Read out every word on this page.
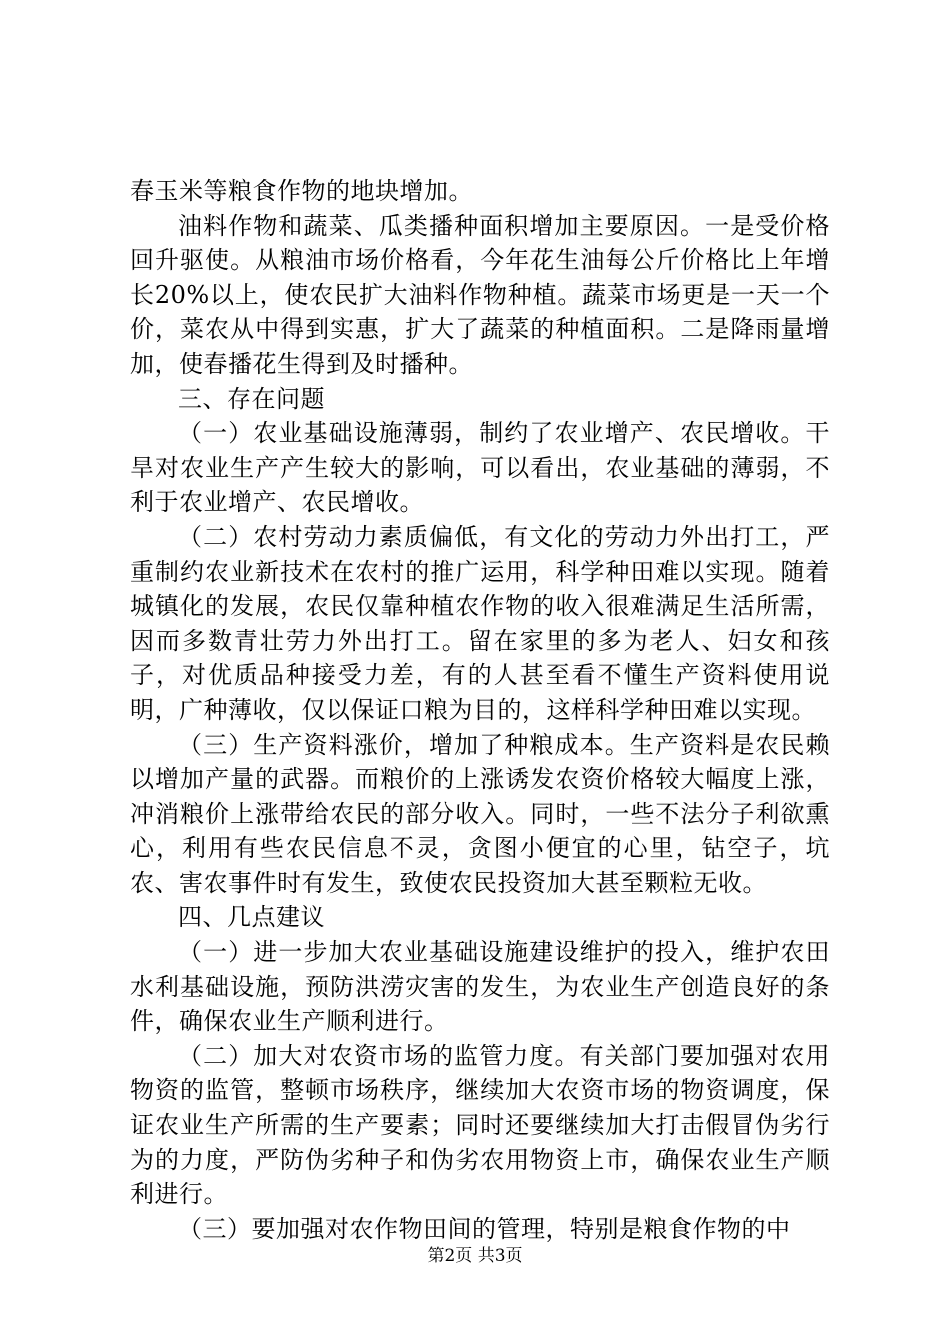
春玉米等粮食作物的地块增加。

油料作物和蔬菜、瓜类播种面积增加主要原因。一是受价格回升驱使。从粮油市场价格看，今年花生油每公斤价格比上年增长20%以上，使农民扩大油料作物种植。蔬菜市场更是一天一个价，菜农从中得到实惠，扩大了蔬菜的种植面积。二是降雨量增加，使春播花生得到及时播种。

三、存在问题

（一）农业基础设施薄弱，制约了农业增产、农民增收。干旱对农业生产产生较大的影响，可以看出，农业基础的薄弱，不利于农业增产、农民增收。

（二）农村劳动力素质偏低，有文化的劳动力外出打工，严重制约农业新技术在农村的推广运用，科学种田难以实现。随着城镇化的发展，农民仅靠种植农作物的收入很难满足生活所需，因而多数青壮劳力外出打工。留在家里的多为老人、妇女和孩子，对优质品种接受力差，有的人甚至看不懂生产资料使用说明，广种薄收，仅以保证口粮为目的，这样科学种田难以实现。

（三）生产资料涨价，增加了种粮成本。生产资料是农民赖以增加产量的武器。而粮价的上涨诱发农资价格较大幅度上涨，冲消粮价上涨带给农民的部分收入。同时，一些不法分子利欲熏心，利用有些农民信息不灵，贪图小便宜的心里，钻空子，坑农、害农事件时有发生，致使农民投资加大甚至颗粒无收。

四、几点建议

（一）进一步加大农业基础设施建设维护的投入，维护农田水利基础设施，预防洪涝灾害的发生，为农业生产创造良好的条件，确保农业生产顺利进行。

（二）加大对农资市场的监管力度。有关部门要加强对农用物资的监管，整顿市场秩序，继续加大农资市场的物资调度，保证农业生产所需的生产要素；同时还要继续加大打击假冒伪劣行为的力度，严防伪劣种子和伪劣农用物资上市，确保农业生产顺利进行。

（三）要加强对农作物田间的管理，特别是粮食作物的中

第2页 共3页
